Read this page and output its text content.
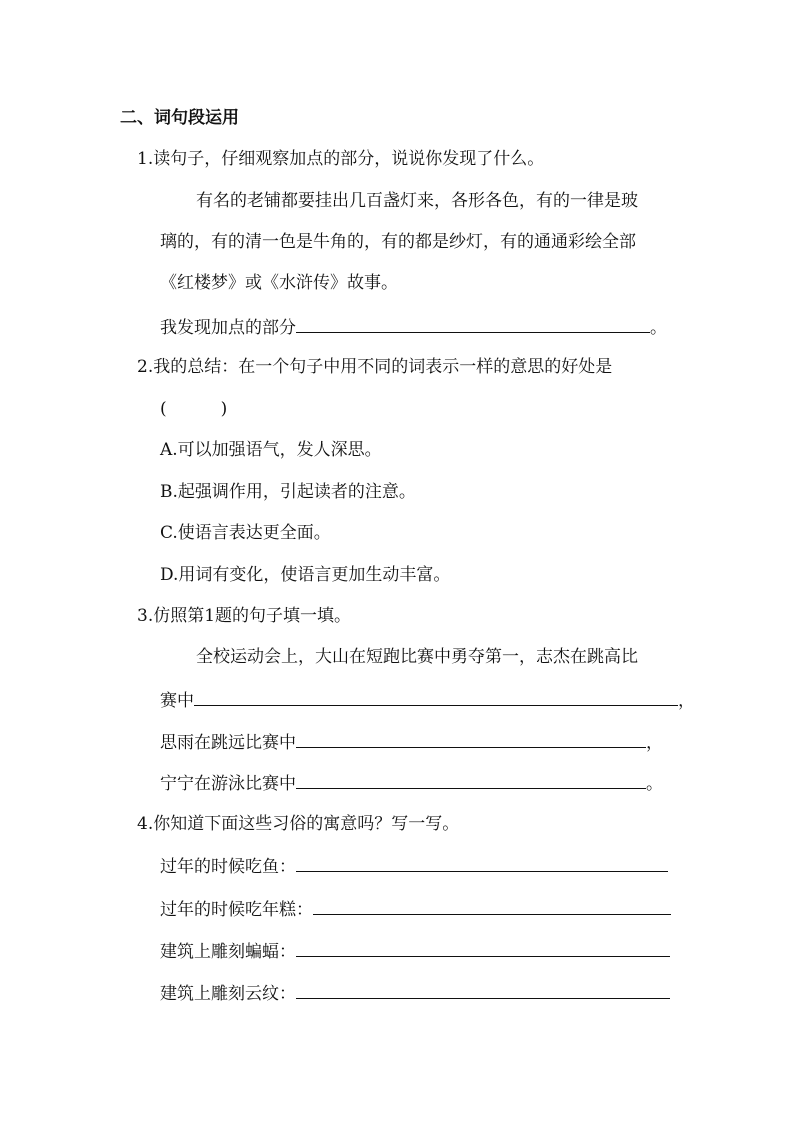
二、词句段运用
1.读句子，仔细观察加点的部分，说说你发现了什么。
有名的老铺都要挂出几百盏灯来，各形各色，有的一律是玻
璃的，有的清一色是牛角的，有的都是纱灯，有的通通彩绘全部
《红楼梦》或《水浒传》故事。
我发现加点的部分	。
2.我的总结：在一个句子中用不同的词表示一样的意思的好处是
(          )
A.可以加强语气，发人深思。
B.起强调作用，引起读者的注意。
C.使语言表达更全面。
D.用词有变化，使语言更加生动丰富。
3.仿照第1题的句子填一填。
全校运动会上，大山在短跑比赛中勇夺第一，志杰在跳高比
赛中	，
思雨在跳远比赛中	，
宁宁在游泳比赛中	。
4.你知道下面这些习俗的寓意吗？写一写。
过年的时候吃鱼：
过年的时候吃年糕：
建筑上雕刻蝙蝠：
建筑上雕刻云纹：
